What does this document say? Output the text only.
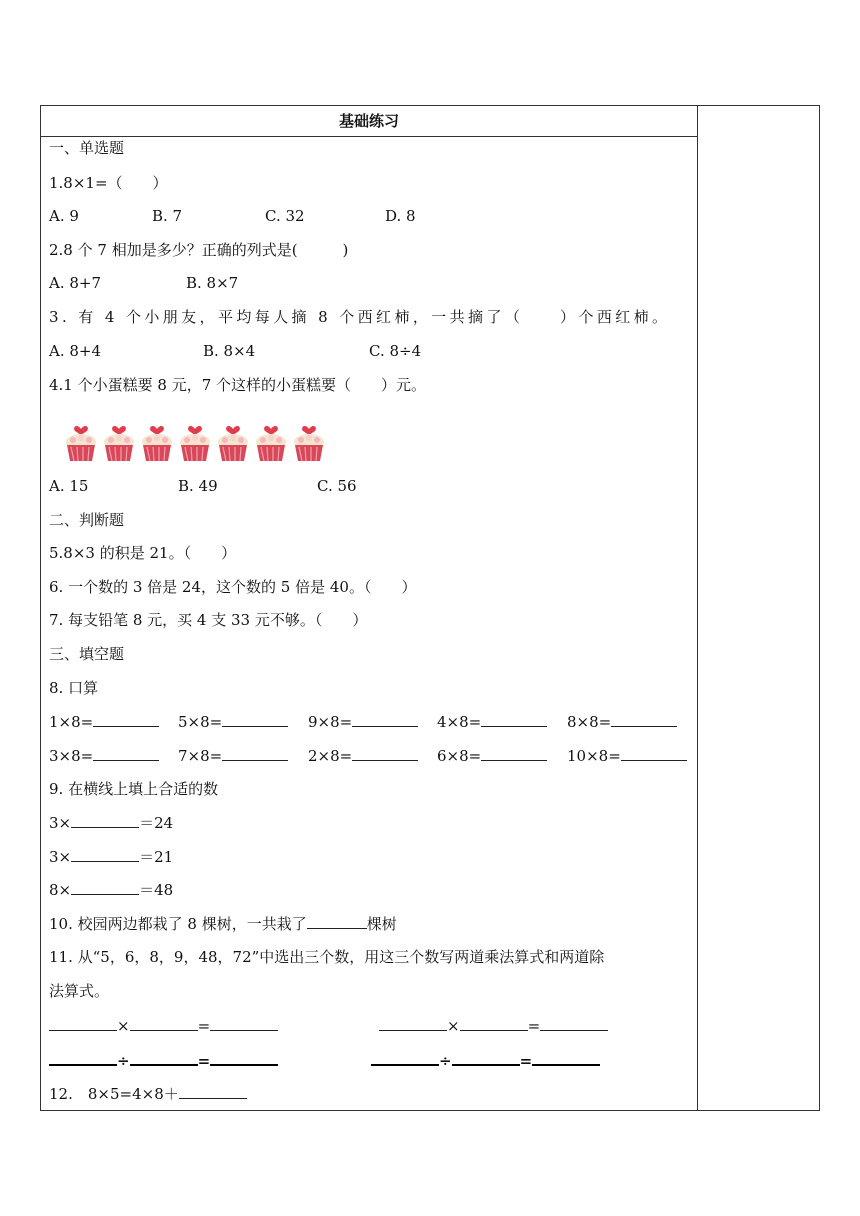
基础练习
一、单选题
1.8×1=（　　）
A. 9	B. 7	C. 32	D. 8
2.8 个 7 相加是多少？正确的列式是(　　　)
A. 8+7	B. 8×7
3. 有 4 个小朋友，平均每人摘 8 个西红柿，一共摘了（　　）个西红柿。
A. 8+4	B. 8×4	C. 8÷4
4.1 个小蛋糕要 8 元，7 个这样的小蛋糕要（　　）元。
A. 15	B. 49	C. 56
二、判断题
5.8×3 的积是 21。（　　）
6. 一个数的 3 倍是 24，这个数的 5 倍是 40。（　　）
7. 每支铅笔 8 元，买 4 支 33 元不够。（　　）
三、填空题
8. 口算
1×8=	5×8=	9×8=	4×8=	8×8=
3×8=	7×8=	2×8=	6×8=	10×8=
9. 在横线上填上合适的数
3×	＝24
3×	＝21
8×	＝48
10. 校园两边都栽了 8 棵树，一共栽了	棵树
11. 从“5，6，8，9，48，72”中选出三个数，用这三个数写两道乘法算式和两道除
法算式。
×	=	×	=
÷	=	÷	=
12.　8×5=4×8＋
